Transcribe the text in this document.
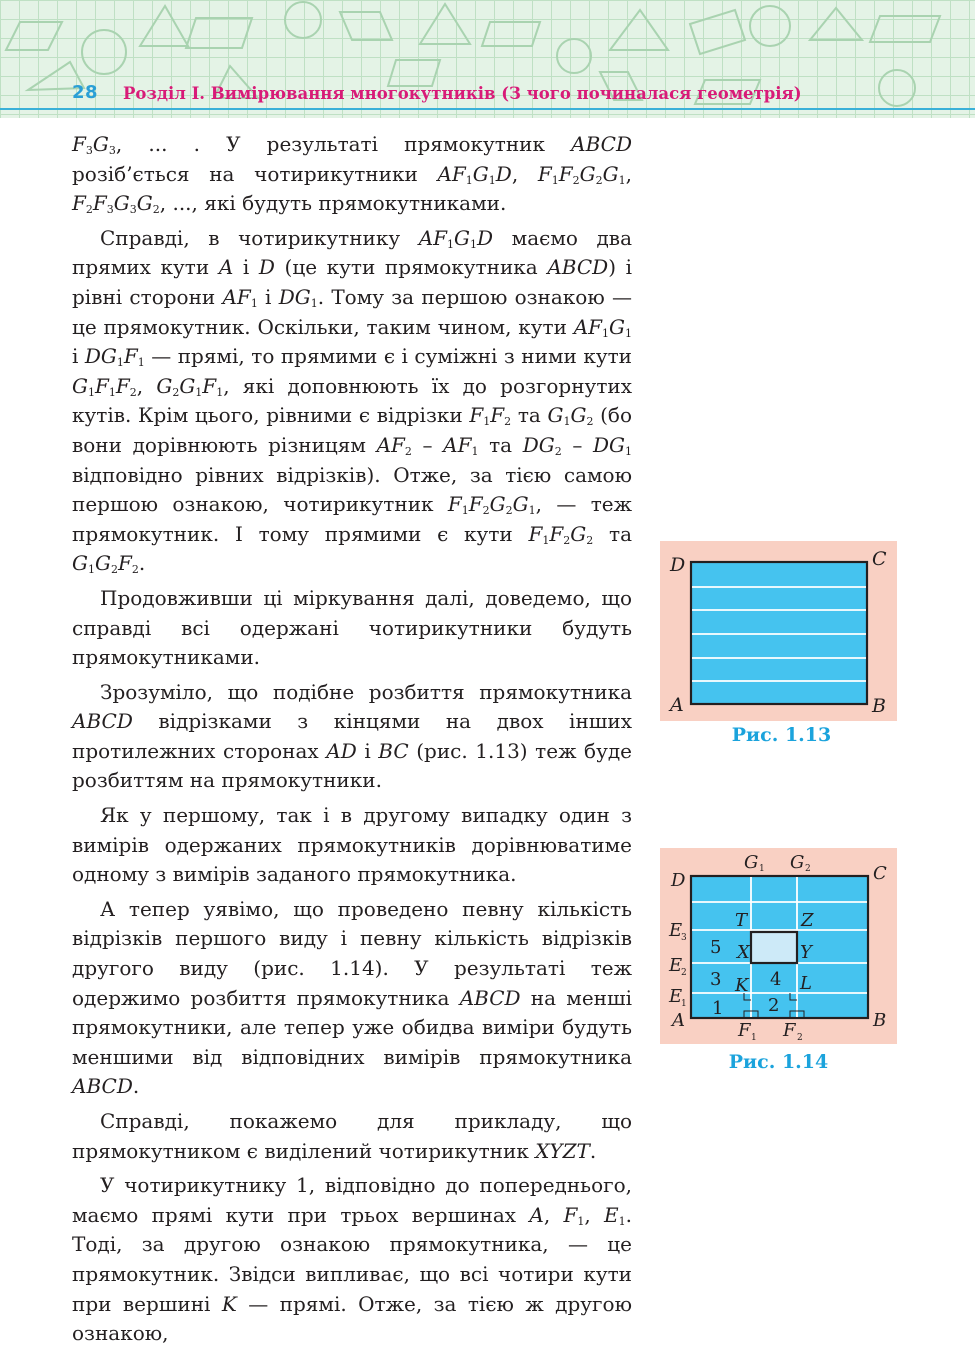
28 Розділ І. Вимірювання многокутників (З чого починалася геометрія)

$F_3G_3$, ... . У результаті прямокутник ABCD розіб’ється на чотирикутники $AF_1G_1D$, $F_1F_2G_2G_1$, $F_2F_3G_3G_2$, ..., які будуть прямокутниками.

Справді, в чотирикутнику $AF_1G_1D$ маємо два прямих кути A і D (це кути прямокутника ABCD) і рівні сторони $AF_1$ і $DG_1$. Тому за першою ознакою — це прямокутник. Оскільки, таким чином, кути $AF_1G_1$ і $DG_1F_1$ — прямі, то прямими є і суміжні з ними кути $G_1F_1F_2$, $G_2G_1F_1$, які доповнюють їх до розгорнутих кутів. Крім цього, рівними є відрізки $F_1F_2$ та $G_1G_2$ (бо вони дорівнюють різницям $AF_2 - AF_1$ та $DG_2 - DG_1$ відповідно рівних відрізків). Отже, за тією самою першою ознакою, чотирикутник $F_1F_2G_2G_1$, — теж прямокутник. І тому прямими є кути $F_1F_2G_2$ та $G_1G_2F_2$.

Продовживши ці міркування далі, доведемо, що справді всі одержані чотирикутники будуть прямокутниками.

Зрозуміло, що подібне розбиття прямокутника ABCD відрізками з кінцями на двох інших протилежних сторонах AD і BC (рис. 1.13) теж буде розбиттям на прямокутники.

Як у першому, так і в другому випадку один з вимірів одержаних прямокутників дорівнюватиме одному з вимірів заданого прямокутника.

А тепер уявімо, що проведено певну кількість відрізків першого виду і певну кількість відрізків другого виду (рис. 1.14). У результаті теж одержимо розбиття прямокутника ABCD на менші прямокутники, але тепер уже обидва виміри будуть меншими від відповідних вимірів прямокутника ABCD.

Справді, покажемо для прикладу, що прямокутником є виділений чотирикутник XYZT.

У чотирикутнику 1, відповідно до попереднього, маємо прямі кути при трьох вершинах A, $F_1$, $E_1$. Тоді, за другою ознакою прямокутника, — це прямокутник. Звідси випливає, що всі чотири кути при вершині K — прямі. Отже, за тією ж другою ознакою,

D	C
A	B
Рис. 1.13
D	C
A	B
G 1 G 2
E
3
E
2
E
1
F 1 F 2
T	Z
X	Y
K	L
1 2
3	4
5
Рис. 1.14
